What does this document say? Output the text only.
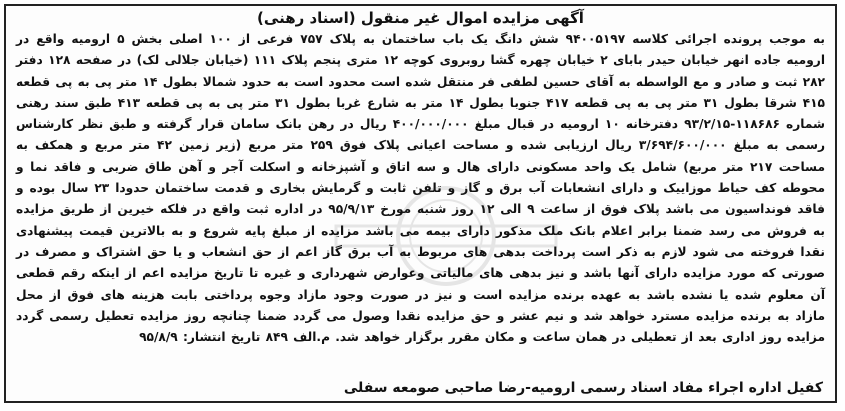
آگهی مزایده اموال غیر منقول (اسناد رهنی)

به موجب پرونده اجرائی کلاسه ۹۴۰۰۵۱۹۷ شش دانگ یک باب ساختمان به پلاک ۷۵۷ فرعی از ۱۰۰ اصلی بخش ۵ ارومیه واقع در ارومیه جاده انهر خیابان حیدر بابای ۲ خیابان چهره گشا روبروی کوچه ۱۲ متری پنجم پلاک ۱۱۱ (خیابان جلالی لک) در صفحه ۱۲۸ دفتر ۲۸۲ ثبت و صادر و مع الواسطه به آقای حسین لطفی فر منتقل شده است محدود است به حدود شمالا بطول ۱۴ متر پی به پی قطعه ۴۱۵ شرقا بطول ۳۱ متر پی به پی قطعه ۴۱۷ جنوبا بطول ۱۴ متر به شارع غربا بطول ۳۱ متر پی به پی قطعه ۴۱۳ طبق سند رهنی شماره ۱۱۸۶۸۶-۹۳/۲/۱۵ دفترخانه ۱۰ ارومیه در قبال مبلغ ۴۰۰/۰۰۰/۰۰۰ ریال در رهن بانک سامان قرار گرفته و طبق نظر کارشناس رسمی به مبلغ ۳/۶۹۴/۶۰۰/۰۰۰ ریال ارزیابی شده و مساحت اعیانی پلاک فوق ۲۵۹ متر مربع (زیر زمین ۴۲ متر مربع و همکف به مساحت ۲۱۷ متر مربع) شامل یک واحد مسکونی دارای هال و سه اتاق و آشپزخانه و اسکلت آجر و آهن طاق ضربی و فاقد نما و محوطه کف حیاط موزاییک و دارای انشعابات آب برق و گاز و تلفن ثابت و گرمایش بخاری و قدمت ساختمان حدودا ۲۳ سال بوده و فاقد فونداسیون می باشد پلاک فوق از ساعت ۹ الی ۱۲ روز شنبه مورخ ۹۵/۹/۱۳ در اداره ثبت واقع در فلکه خیرین از طریق مزایده به فروش می رسد ضمنا برابر اعلام بانک ملک مذکور دارای بیمه می باشد مزایده از مبلغ پایه شروع و به بالاترین قیمت پیشنهادی نقدا فروخته می شود لازم به ذکر است پرداخت بدهی های مربوط به آب برق گاز اعم از حق انشعاب و یا حق اشتراک و مصرف در صورتی که مورد مزایده دارای آنها باشد و نیز بدهی های مالیاتی وعوارض شهرداری و غیره تا تاریخ مزایده اعم از اینکه رقم قطعی آن معلوم شده یا نشده باشد به عهده برنده مزایده است و نیز در صورت وجود مازاد وجوه پرداختی بابت هزینه های فوق از محل مازاد به برنده مزایده مسترد خواهد شد و نیم عشر و حق مزایده نقدا وصول می گردد ضمنا چنانچه روز مزایده تعطیل رسمی گردد مزایده روز اداری بعد از تعطیلی در همان ساعت و مکان مقرر برگزار خواهد شد. م.الف ۸۴۹ تاریخ انتشار: ۹۵/۸/۹

کفیل اداره اجراء مفاد اسناد رسمی ارومیه-رضا صاحبی صومعه سفلی
